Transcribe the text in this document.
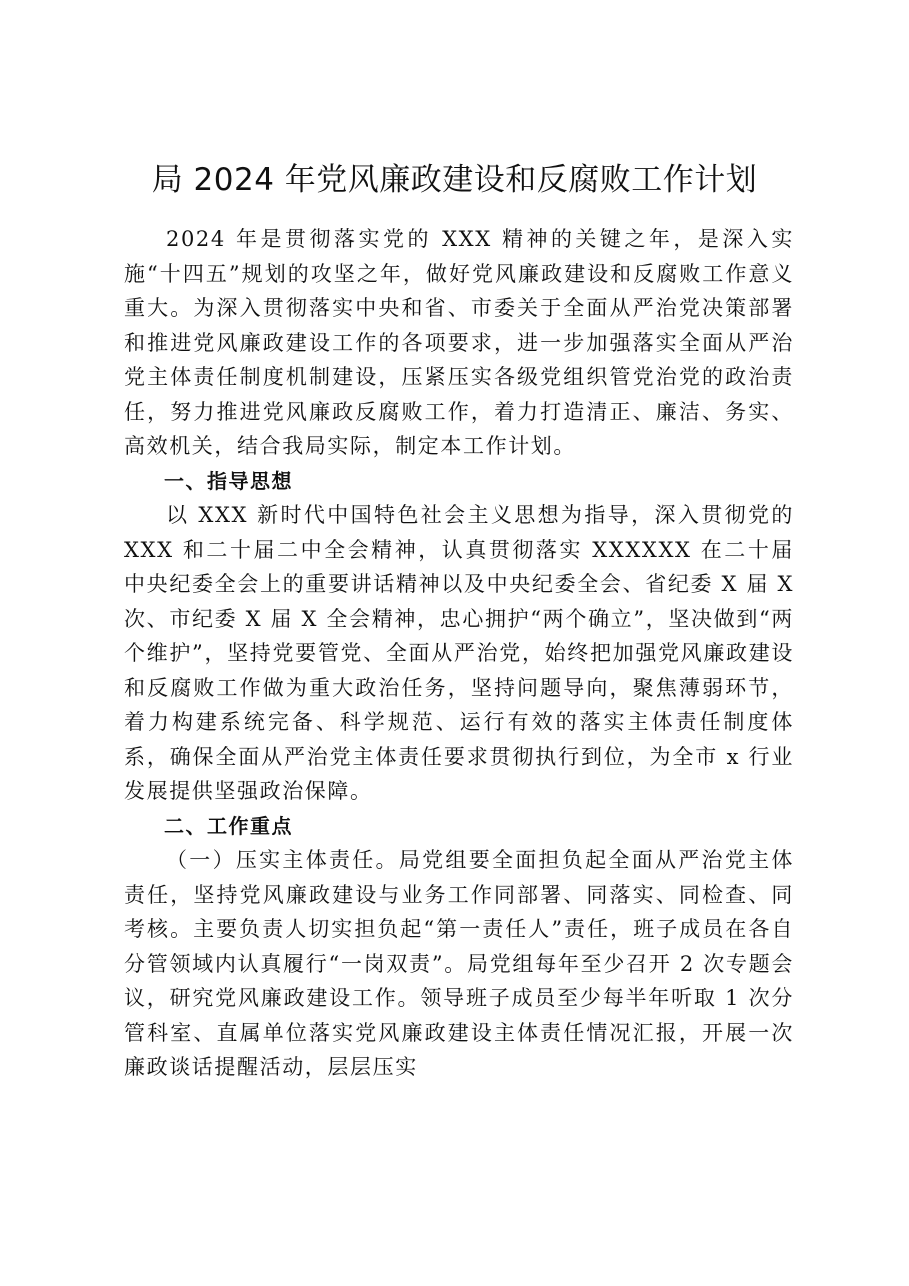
局 2024 年党风廉政建设和反腐败工作计划

2024 年是贯彻落实党的 XXX 精神的关键之年，是深入实施“十四五”规划的攻坚之年，做好党风廉政建设和反腐败工作意义重大。为深入贯彻落实中央和省、市委关于全面从严治党决策部署和推进党风廉政建设工作的各项要求，进一步加强落实全面从严治党主体责任制度机制建设，压紧压实各级党组织管党治党的政治责任，努力推进党风廉政反腐败工作，着力打造清正、廉洁、务实、高效机关，结合我局实际，制定本工作计划。

一、指导思想

以 XXX 新时代中国特色社会主义思想为指导，深入贯彻党的 XXX 和二十届二中全会精神，认真贯彻落实 XXXXXX 在二十届中央纪委全会上的重要讲话精神以及中央纪委全会、省纪委 X 届 X 次、市纪委 X 届 X 全会精神，忠心拥护“两个确立”，坚决做到“两个维护”，坚持党要管党、全面从严治党，始终把加强党风廉政建设和反腐败工作做为重大政治任务，坚持问题导向，聚焦薄弱环节，着力构建系统完备、科学规范、运行有效的落实主体责任制度体系，确保全面从严治党主体责任要求贯彻执行到位，为全市 x 行业发展提供坚强政治保障。

二、工作重点

（一）压实主体责任。局党组要全面担负起全面从严治党主体责任，坚持党风廉政建设与业务工作同部署、同落实、同检查、同考核。主要负责人切实担负起“第一责任人”责任，班子成员在各自分管领域内认真履行“一岗双责”。局党组每年至少召开 2 次专题会议，研究党风廉政建设工作。领导班子成员至少每半年听取 1 次分管科室、直属单位落实党风廉政建设主体责任情况汇报，开展一次廉政谈话提醒活动，层层压实
